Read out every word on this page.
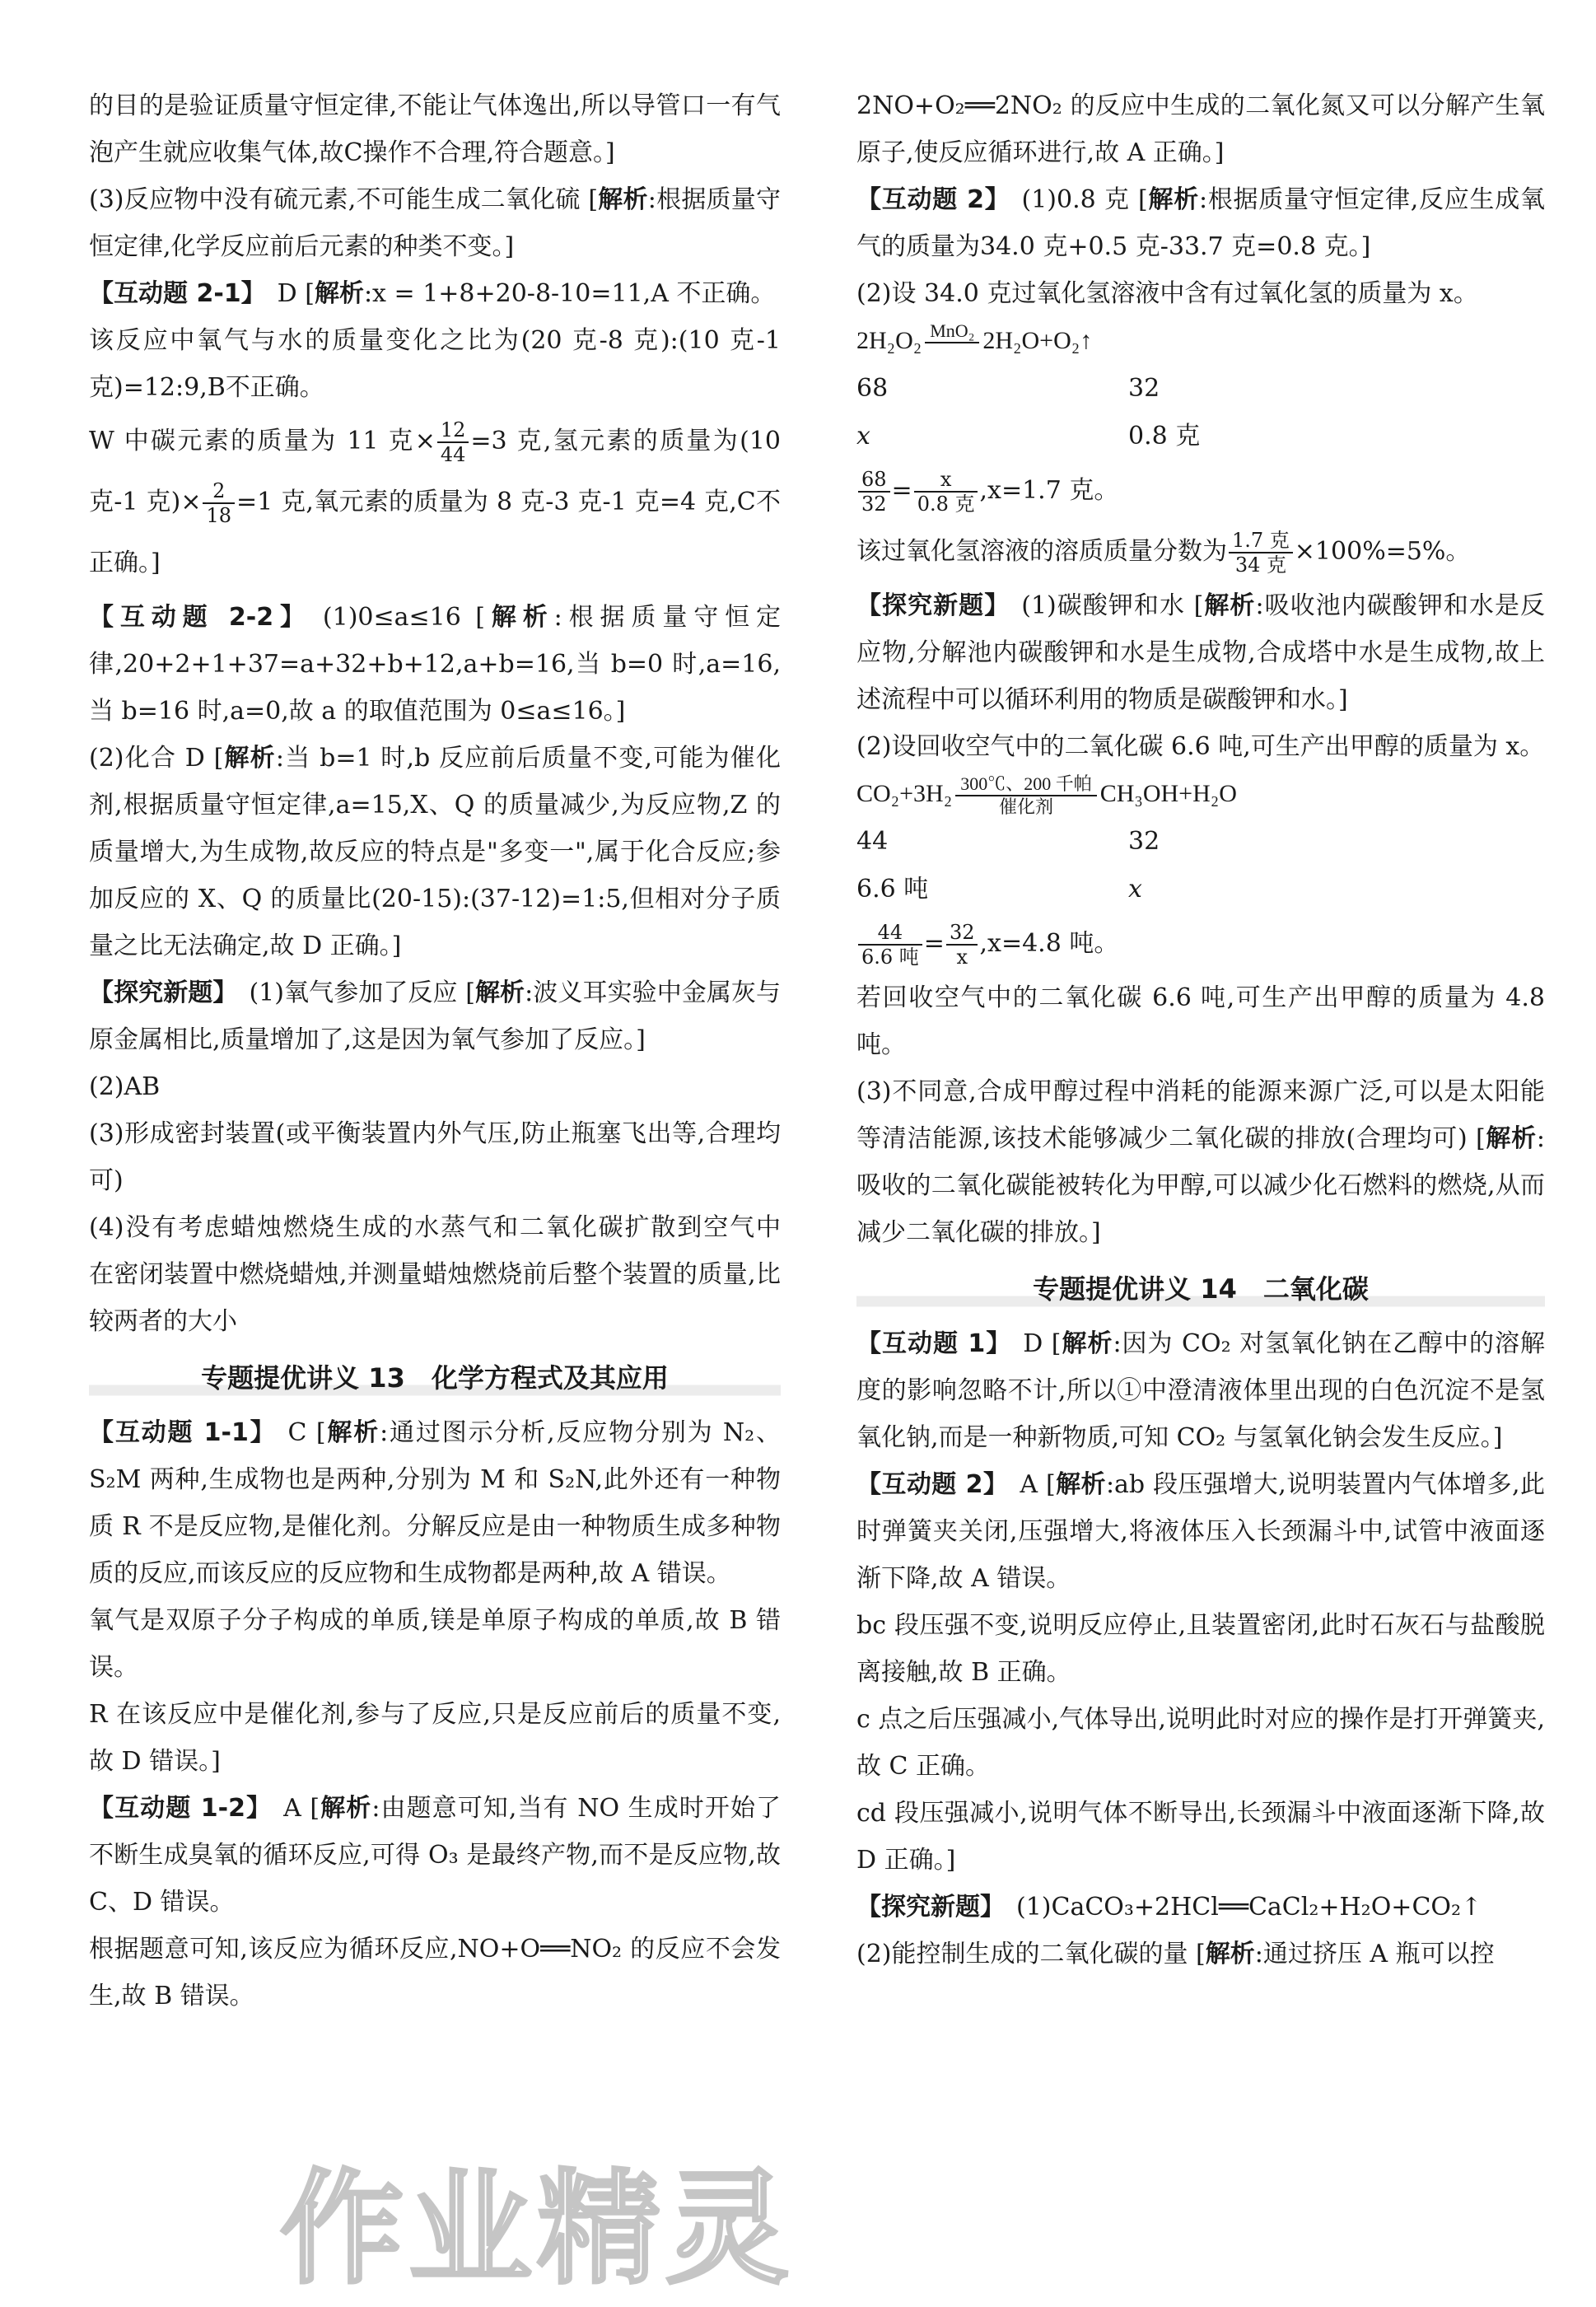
的目的是验证质量守恒定律,不能让气体逸出,所以导管口一有气泡产生就应收集气体,故C操作不合理,符合题意。]

(3)反应物中没有硫元素,不可能生成二氧化硫 [解析:根据质量守恒定律,化学反应前后元素的种类不变。]

【互动题 2-1】 D [解析:x = 1+8+20-8-10=11,A 不正确。

该反应中氧气与水的质量变化之比为(20 克-8 克):(10 克-1 克)=12:9,B不正确。

W 中碳元素的质量为 11 克× $\frac{12}{44} =3$ 克,氢元素的质量为(10 克-1 克)× $\frac{2}{18} =1$ 克,氧元素的质量为 8 克-3 克-1 克=4 克,C不正确。]

【互动题 2-2】 (1)0≤a≤16 [解析:根据质量守恒定律,20+2+1+37=a+32+b+12,a+b=16,当 b=0 时,a=16,当 b=16 时,a=0,故 a 的取值范围为 0≤a≤16。]

(2)化合 D [解析:当 b=1 时,b 反应前后质量不变,可能为催化剂,根据质量守恒定律,a=15,X、Q 的质量减少,为反应物,Z 的质量增大,为生成物,故反应的特点是"多变一",属于化合反应;参加反应的 X、Q 的质量比(20-15):(37-12)=1:5,但相对分子质量之比无法确定,故 D 正确。]

【探究新题】 (1)氧气参加了反应 [解析:波义耳实验中金属灰与原金属相比,质量增加了,这是因为氧气参加了反应。]

(2)AB

(3)形成密封装置(或平衡装置内外气压,防止瓶塞飞出等,合理均可)

(4)没有考虑蜡烛燃烧生成的水蒸气和二氧化碳扩散到空气中　在密闭装置中燃烧蜡烛,并测量蜡烛燃烧前后整个装置的质量,比较两者的大小

专题提优讲义 13　化学方程式及其应用

【互动题 1-1】 C [解析:通过图示分析,反应物分别为 N₂、S₂M 两种,生成物也是两种,分别为 M 和 S₂N,此外还有一种物质 R 不是反应物,是催化剂。分解反应是由一种物质生成多种物质的反应,而该反应的反应物和生成物都是两种,故 A 错误。

氧气是双原子分子构成的单质,镁是单原子构成的单质,故 B 错误。

R 在该反应中是催化剂,参与了反应,只是反应前后的质量不变,故 D 错误。]

【互动题 1-2】 A [解析:由题意可知,当有 NO 生成时开始了不断生成臭氧的循环反应,可得 O₃ 是最终产物,而不是反应物,故 C、D 错误。

根据题意可知,该反应为循环反应,NO+O══NO₂ 的反应不会发生,故 B 错误。

2NO+O₂══2NO₂ 的反应中生成的二氧化氮又可以分解产生氧原子,使反应循环进行,故 A 正确。]

【互动题 2】 (1)0.8 克 [解析:根据质量守恒定律,反应生成氧气的质量为34.0 克+0.5 克-33.7 克=0.8 克。]

(2)设 34.0 克过氧化氢溶液中含有过氧化氢的质量为 x。

2H₂O₂ MnO₂
2H₂O+O₂↑

68	32
x	0.8 克

$\frac{68}{32} = \frac{x}{\text{0.8 克}} ,x=1.7$ 克。

该过氧化氢溶液的溶质质量分数为 $\frac{\text{1.7 克}}{\text{34 克}} \times 100\%=5\%$。

【探究新题】 (1)碳酸钾和水 [解析:吸收池内碳酸钾和水是反应物,分解池内碳酸钾和水是生成物,合成塔中水是生成物,故上述流程中可以循环利用的物质是碳酸钾和水。]

(2)设回收空气中的二氧化碳 6.6 吨,可生产出甲醇的质量为 x。

CO₂+3H₂ 300℃、200 千帕
催化剂	CH₃OH+H₂O

44	32
6.6 吨	x

$\frac{44}{\text{6.6 吨}} = \frac{32}{x} ,x=4.8$ 吨。

若回收空气中的二氧化碳 6.6 吨,可生产出甲醇的质量为 4.8 吨。

(3)不同意,合成甲醇过程中消耗的能源来源广泛,可以是太阳能等清洁能源,该技术能够减少二氧化碳的排放(合理均可) [解析:吸收的二氧化碳能被转化为甲醇,可以减少化石燃料的燃烧,从而减少二氧化碳的排放。]

专题提优讲义 14　二氧化碳

【互动题 1】 D [解析:因为 CO₂ 对氢氧化钠在乙醇中的溶解度的影响忽略不计,所以①中澄清液体里出现的白色沉淀不是氢氧化钠,而是一种新物质,可知 CO₂ 与氢氧化钠会发生反应。]

【互动题 2】 A [解析:ab 段压强增大,说明装置内气体增多,此时弹簧夹关闭,压强增大,将液体压入长颈漏斗中,试管中液面逐渐下降,故 A 错误。

bc 段压强不变,说明反应停止,且装置密闭,此时石灰石与盐酸脱离接触,故 B 正确。

c 点之后压强减小,气体导出,说明此时对应的操作是打开弹簧夹,故 C 正确。

cd 段压强减小,说明气体不断导出,长颈漏斗中液面逐渐下降,故 D 正确。]

【探究新题】 (1)CaCO₃+2HCl══CaCl₂+H₂O+CO₂↑

(2)能控制生成的二氧化碳的量 [解析:通过挤压 A 瓶可以控

作业精灵
